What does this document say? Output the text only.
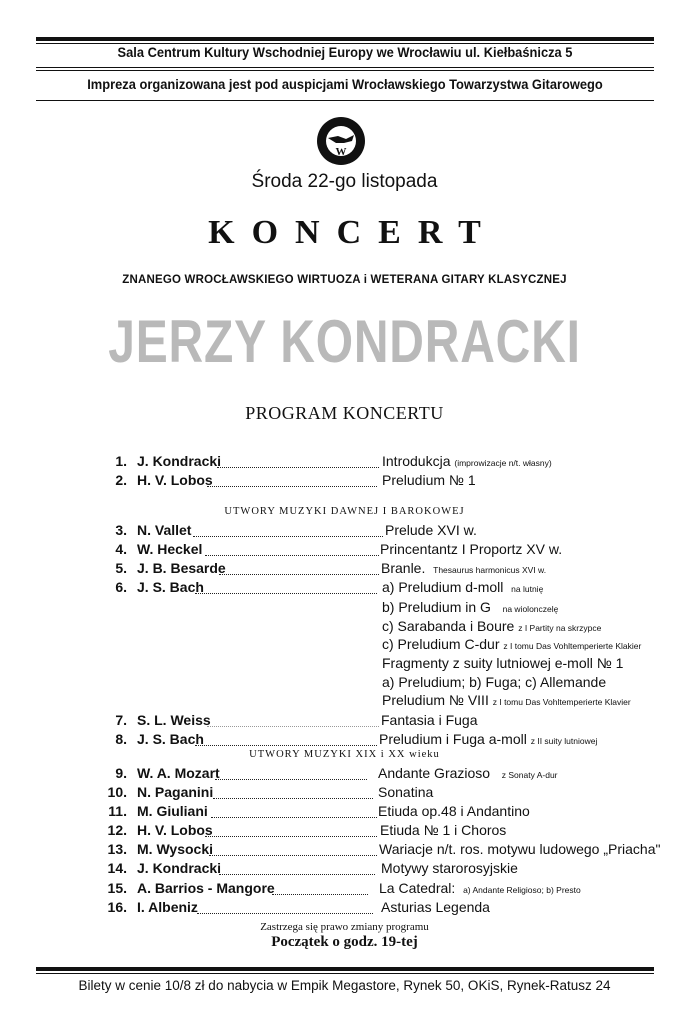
Sala Centrum Kultury Wschodniej Europy we Wrocławiu ul. Kiełbaśnicza 5
Impreza organizowana jest pod auspicjami Wrocławskiego Towarzystwa Gitarowego
W
Środa 22-go listopada
KONCERT
ZNANEGO WROCŁAWSKIEGO WIRTUOZA i WETERANA GITARY KLASYCZNEJ
JERZY KONDRACKI
PROGRAM KONCERTU
1. J. Kondracki	Introdukcja (improwizacje n/t. własny)
2. H. V. Lobos	Preludium № 1
UTWORY MUZYKI DAWNEJ I BAROKOWEJ
3. N. Vallet	Prelude XVI w.
4. W. Heckel	Princentantz I Proportz XV w.
5. J. B. Besarde	Branle. Thesaurus harmonicus XVI w.
6. J. S. Bach	a) Preludium d-moll na lutnię
b) Preludium in G na wiolonczelę
c) Sarabanda i Boure z I Partity na skrzypce
c) Preludium C-dur z I tomu Das Vohltemperierte Klakier
Fragmenty z suity lutniowej e-moll № 1
a) Preludium; b) Fuga; c) Allemande
Preludium № VIII z I tomu Das Vohltemperierte Klavier
7. S. L. Weiss	Fantasia i Fuga
8. J. S. Bach	Preludium i Fuga a-moll z II suity lutniowej
UTWORY MUZYKI XIX i XX wieku
9. W. A. Mozart	Andante Grazioso z Sonaty A-dur
10. N. Paganini	Sonatina
11. M. Giuliani	Etiuda op.48 i Andantino
12. H. V. Lobos	Etiuda № 1 i Choros
13. M. Wysocki	Wariacje n/t. ros. motywu ludowego „Priacha"
14. J. Kondracki	Motywy starorosyjskie
15. A. Barrios - Mangore	La Catedral: a) Andante Religioso; b) Presto
16. I. Albeniz	Asturias Legenda
Zastrzega się prawo zmiany programu
Początek o godz. 19-tej
Bilety w cenie 10/8 zł do nabycia w Empik Megastore, Rynek 50, OKiS, Rynek-Ratusz 24
